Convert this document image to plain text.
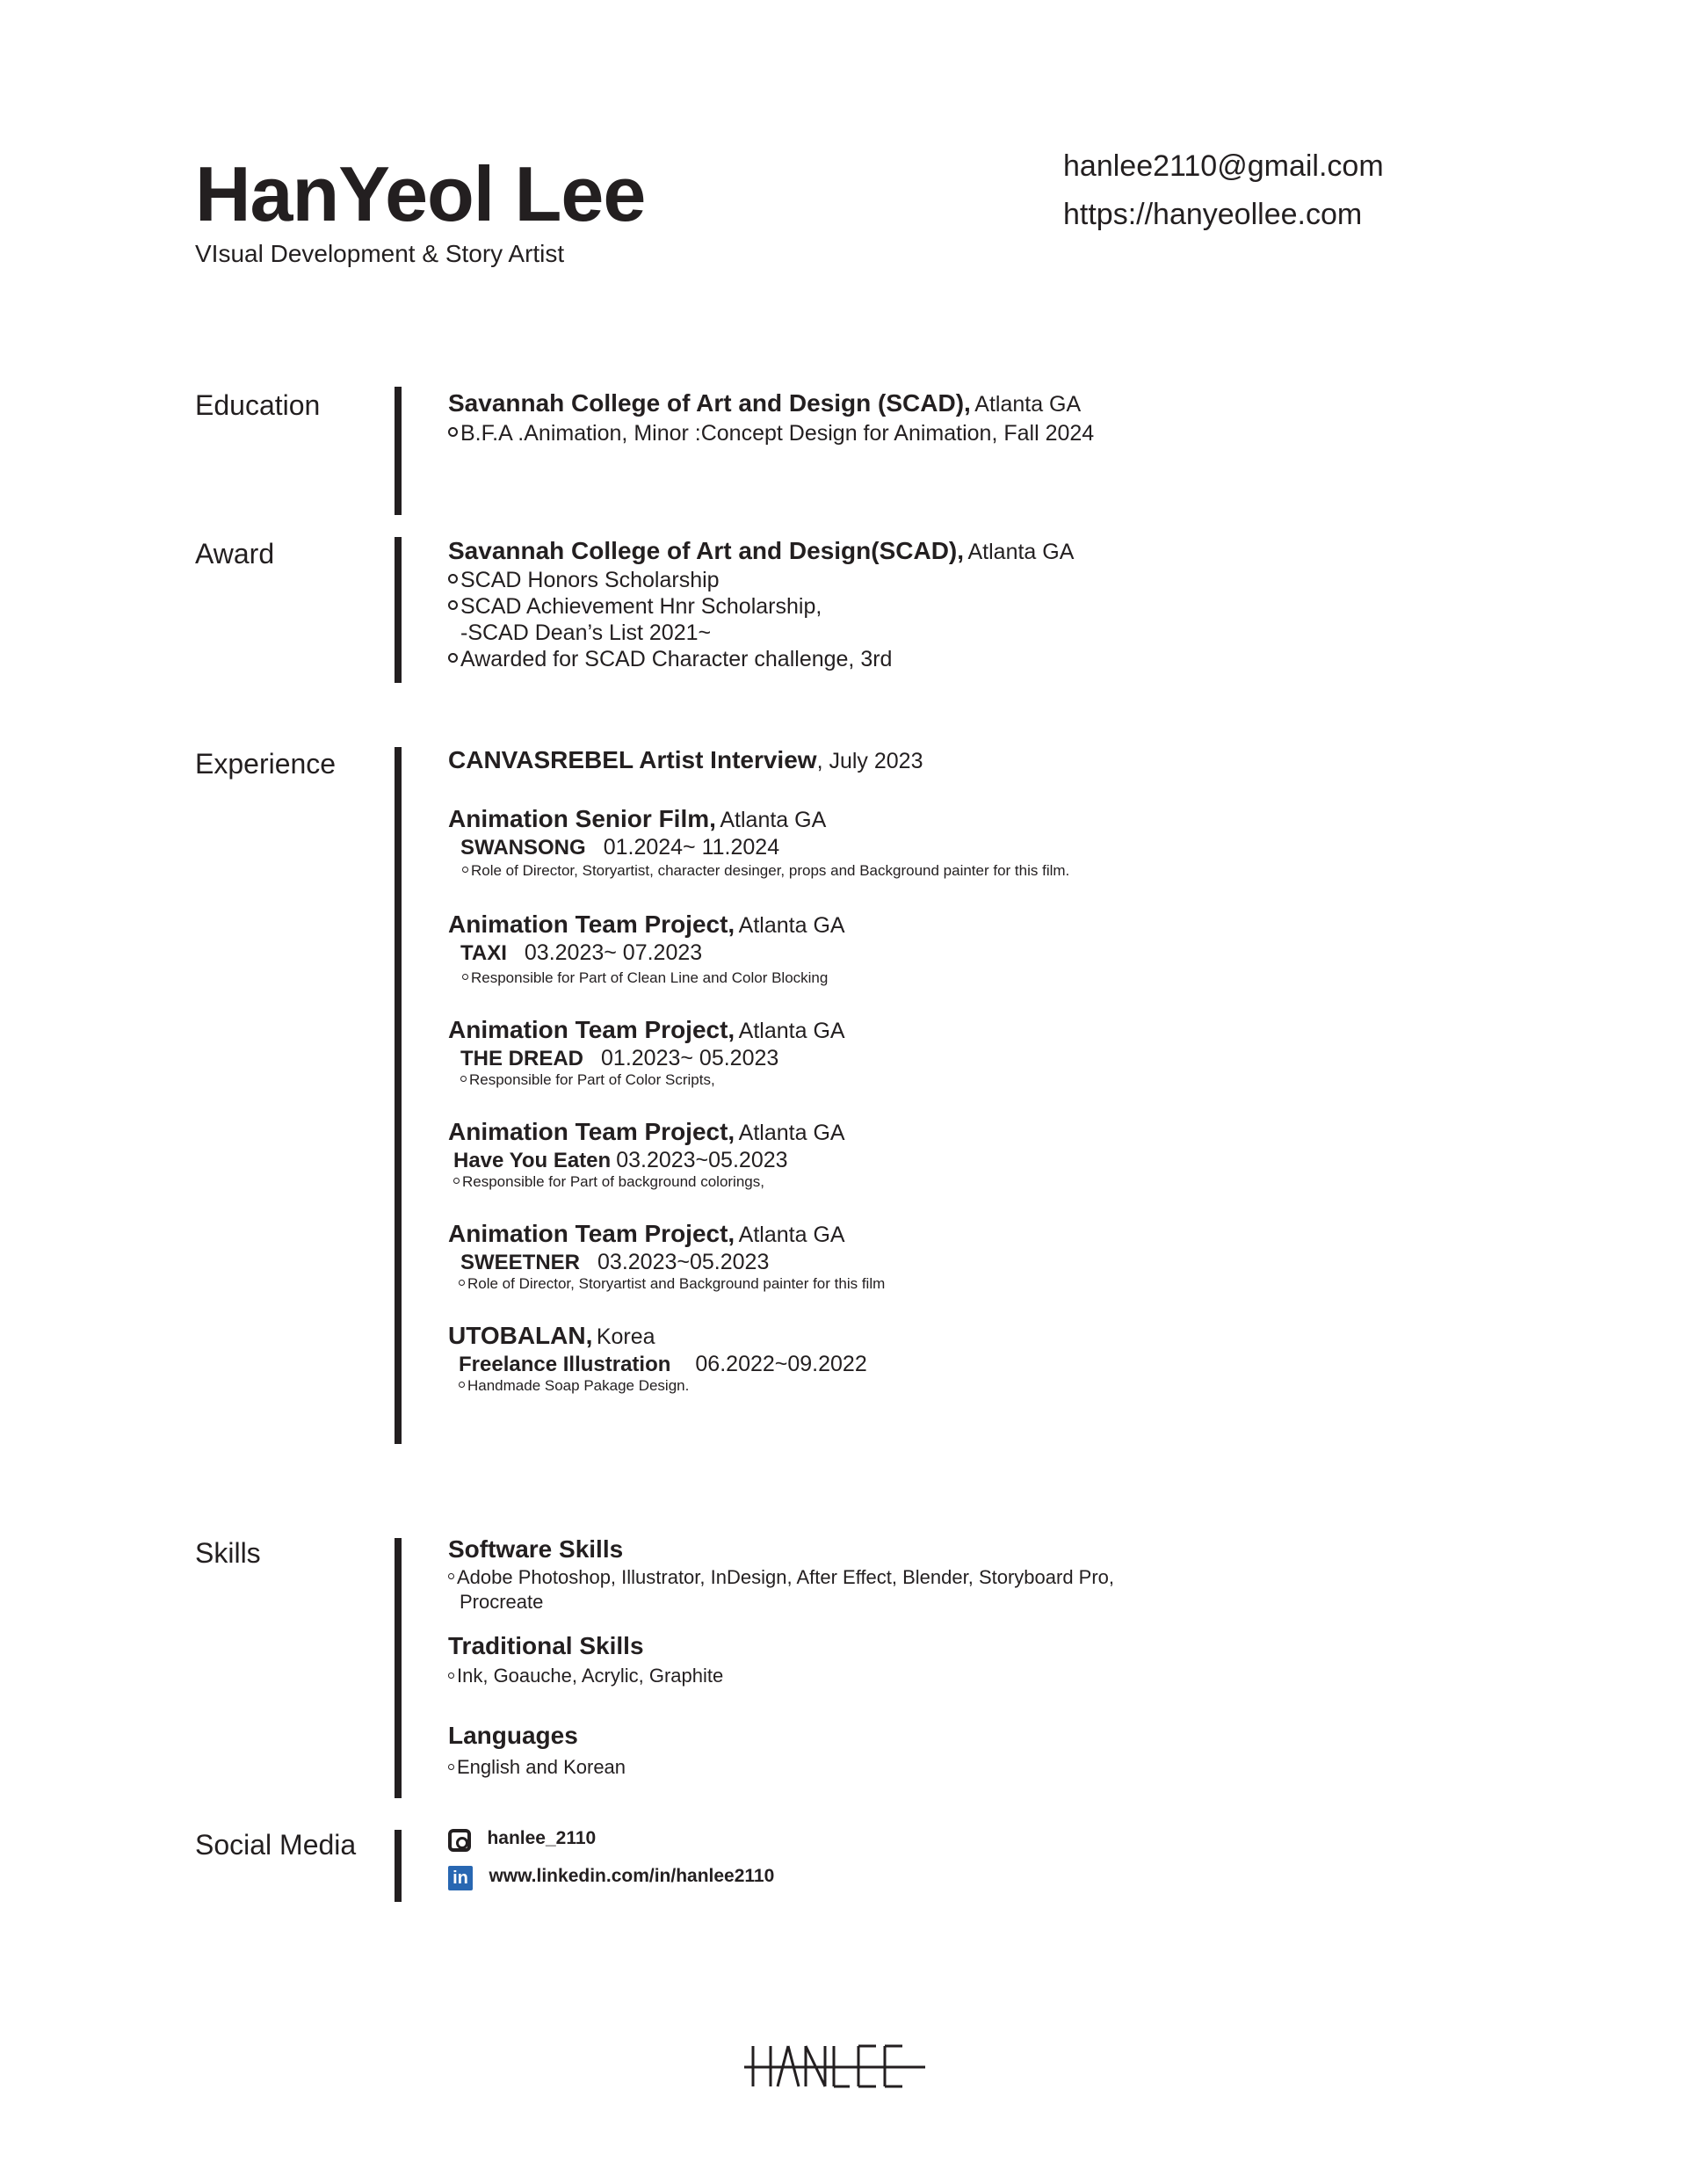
HanYeol Lee
VIsual Development & Story Artist
hanlee2110@gmail.com
https://hanyeollee.com
Education	Savannah College of Art and Design (SCAD), Atlanta GA
B.F.A .Animation, Minor :Concept Design for Animation, Fall 2024
Award	Savannah College of Art and Design(SCAD), Atlanta GA
SCAD Honors Scholarship
SCAD Achievement Hnr Scholarship,
-SCAD Dean’s List 2021~
Awarded for SCAD Character challenge, 3rd
Experience	CANVASREBEL Artist Interview, July 2023
Animation Senior Film, Atlanta GA
SWANSONG 01.2024~ 11.2024
Role of Director, Storyartist, character desinger, props and Background painter for this film.
Animation Team Project, Atlanta GA
TAXI 03.2023~ 07.2023
Responsible for Part of Clean Line and Color Blocking
Animation Team Project, Atlanta GA
THE DREAD 01.2023~ 05.2023
Responsible for Part of Color Scripts,
Animation Team Project, Atlanta GA
Have You Eaten 03.2023~05.2023
Responsible for Part of background colorings,
Animation Team Project, Atlanta GA
SWEETNER 03.2023~05.2023
Role of Director, Storyartist and Background painter for this film
UTOBALAN, Korea
Freelance Illustration 06.2022~09.2022
Handmade Soap Pakage Design.
Skills	Software Skills
Adobe Photoshop, Illustrator, InDesign, After Effect, Blender, Storyboard Pro,
Procreate
Traditional Skills
Ink, Goauche, Acrylic, Graphite
Languages
English and Korean
Social Media	hanlee_2110
in www.linkedin.com/in/hanlee2110
